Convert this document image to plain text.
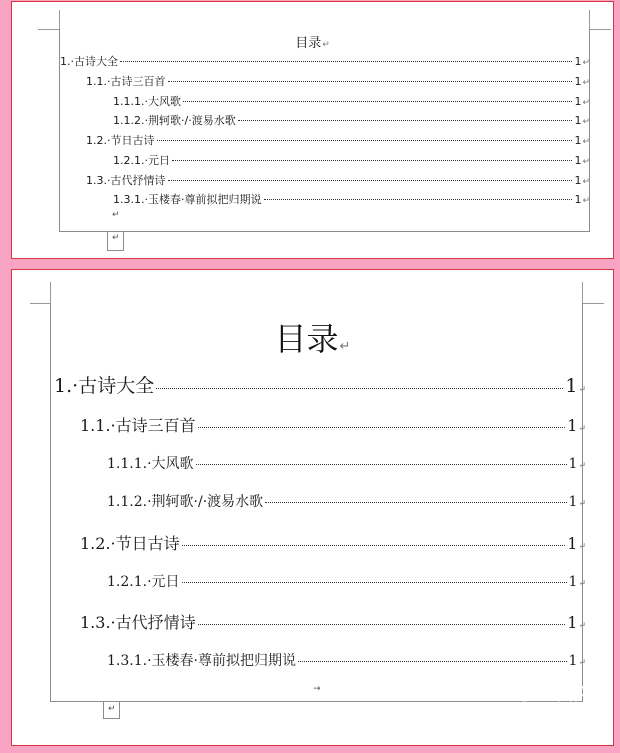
目录↵
1.·古诗大全	1 ↵
1.1.·古诗三百首	1 ↵
1.1.1.·大风歌	1 ↵
1.1.2.·荆轲歌·/·渡易水歌	1 ↵
1.2.·节日古诗	1 ↵
1.2.1.·元日	1 ↵
1.3.·古代抒情诗	1 ↵
1.3.1.·玉楼春·尊前拟把归期说	1 ↵
↵
↵
目录↵
1.·古诗大全	1 ↵
1.1.·古诗三百首	1 ↵
1.1.1.·大风歌	1 ↵
1.1.2.·荆轲歌·/·渡易水歌	1 ↵
1.2.·节日古诗	1 ↵
1.2.1.·元日	1 ↵
1.3.·古代抒情诗	1 ↵
1.3.1.·玉楼春·尊前拟把归期说	1 ↵
→
↵
Bai du 经验
jingyan.baidu.com
